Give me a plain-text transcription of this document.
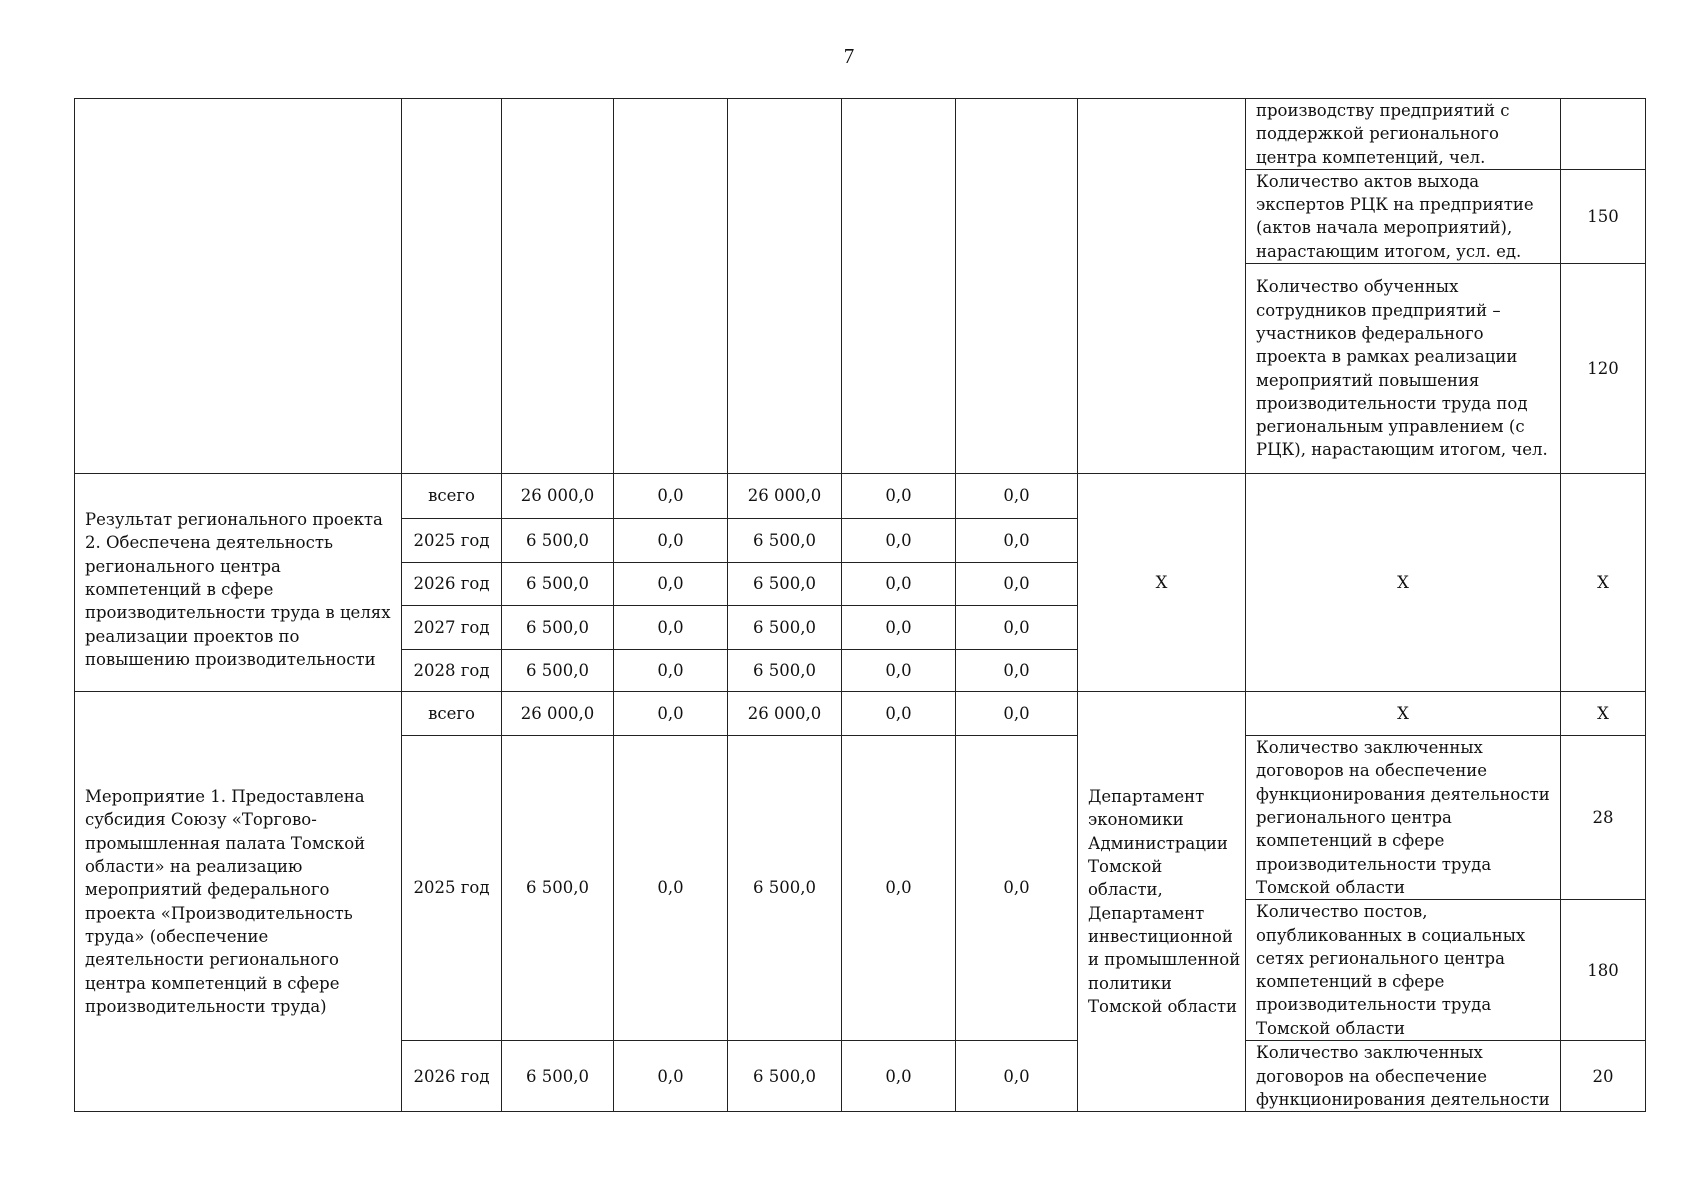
7
								производству предприятий с поддержкой регионального центра компетенций, чел.	
								Количество актов выхода экспертов РЦК на предприятие (актов начала мероприятий), нарастающим итогом, усл. ед.	150
								Количество обученных сотрудников предприятий – участников федерального проекта в рамках реализации мероприятий повышения производительности труда под региональным управлением (с РЦК), нарастающим итогом, чел.	120
Результат регионального проекта 2. Обеспечена деятельность регионального центра компетенций в сфере производительности труда в целях реализации проектов по повышению производительности	всего	26 000,0	0,0	26 000,0	0,0	0,0	Х	Х	Х
	2025 год	6 500,0	0,0	6 500,0	0,0	0,0			
	2026 год	6 500,0	0,0	6 500,0	0,0	0,0			
	2027 год	6 500,0	0,0	6 500,0	0,0	0,0			
	2028 год	6 500,0	0,0	6 500,0	0,0	0,0			
Мероприятие 1. Предоставлена субсидия Союзу «Торгово-промышленная палата Томской области» на реализацию мероприятий федерального проекта «Производительность труда» (обеспечение деятельности регионального центра компетенций в сфере производительности труда)	всего	26 000,0	0,0	26 000,0	0,0	0,0	Департамент экономики Администрации Томской области, Департамент инвестиционной и промышленной политики Томской области	Х	Х
	2025 год	6 500,0	0,0	6 500,0	0,0	0,0		Количество заключенных договоров на обеспечение функционирования деятельности регионального центра компетенций в сфере производительности труда Томской области	28
								Количество постов, опубликованных в социальных сетях регионального центра компетенций в сфере производительности труда Томской области	180
	2026 год	6 500,0	0,0	6 500,0	0,0	0,0		Количество заключенных договоров на обеспечение функционирования деятельности	20
